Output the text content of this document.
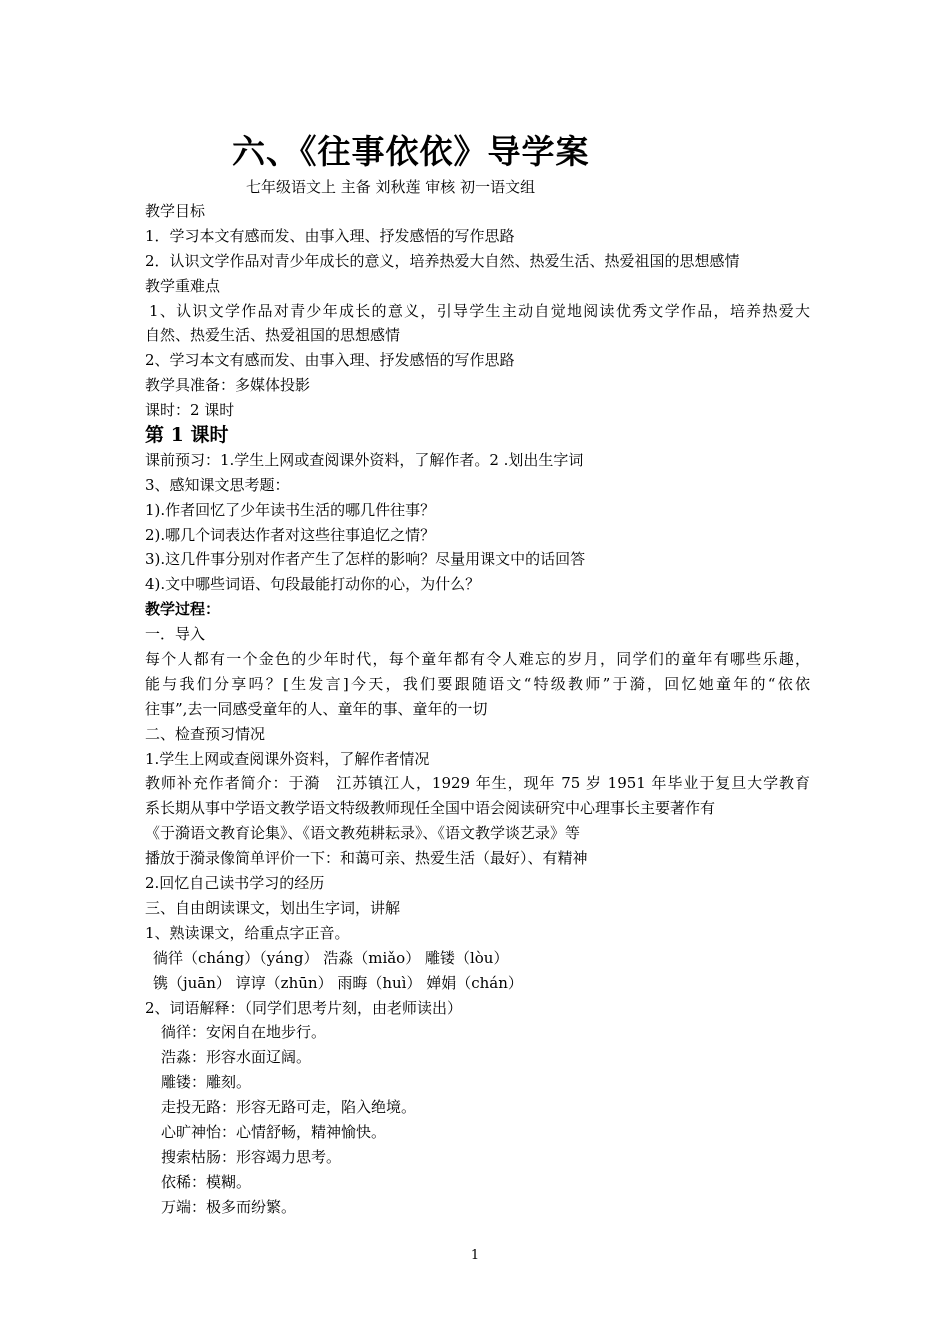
六、《往事依依》导学案
七年级语文上 主备 刘秋莲 审核 初一语文组
教学目标
1．学习本文有感而发、由事入理、抒发感悟的写作思路
2．认识文学作品对青少年成长的意义，培养热爱大自然、热爱生活、热爱祖国的思想感情
教学重难点
1、认识文学作品对青少年成长的意义，引导学生主动自觉地阅读优秀文学作品，培养热爱大
自然、热爱生活、热爱祖国的思想感情
2、学习本文有感而发、由事入理、抒发感悟的写作思路
教学具准备：多媒体投影
课时：2 课时
第 1 课时
课前预习：1.学生上网或查阅课外资料，了解作者。2 .划出生字词
3、感知课文思考题：
1).作者回忆了少年读书生活的哪几件往事？
2).哪几个词表达作者对这些往事追忆之情？
3).这几件事分别对作者产生了怎样的影响？尽量用课文中的话回答
4).文中哪些词语、句段最能打动你的心，为什么？
教学过程：
一．导入
每个人都有一个金色的少年时代，每个童年都有令人难忘的岁月，同学们的童年有哪些乐趣，
能与我们分享吗？[生发言]今天，我们要跟随语文“特级教师”于漪，回忆她童年的“依依
往事”,去一同感受童年的人、童年的事、童年的一切
二、检查预习情况
1.学生上网或查阅课外资料，了解作者情况
教师补充作者简介：于漪　江苏镇江人，1929 年生，现年 75 岁 1951 年毕业于复旦大学教育
系长期从事中学语文教学语文特级教师现任全国中语会阅读研究中心理事长主要著作有
《于漪语文教育论集》、《语文教苑耕耘录》、《语文教学谈艺录》等
播放于漪录像简单评价一下：和蔼可亲、热爱生活（最好）、有精神
2.回忆自己读书学习的经历
三、自由朗读课文，划出生字词，讲解
1、熟读课文，给重点字正音。
徜徉（cháng）（yáng） 浩淼（miǎo） 雕镂（lòu）
镌（juān） 谆谆（zhūn） 雨晦（huì） 婵娟（chán）
2、词语解释：（同学们思考片刻，由老师读出）
徜徉：安闲自在地步行。
浩淼：形容水面辽阔。
雕镂：雕刻。
走投无路：形容无路可走，陷入绝境。
心旷神怡：心情舒畅，精神愉快。
搜索枯肠：形容竭力思考。
依稀：模糊。
万端：极多而纷繁。
1
